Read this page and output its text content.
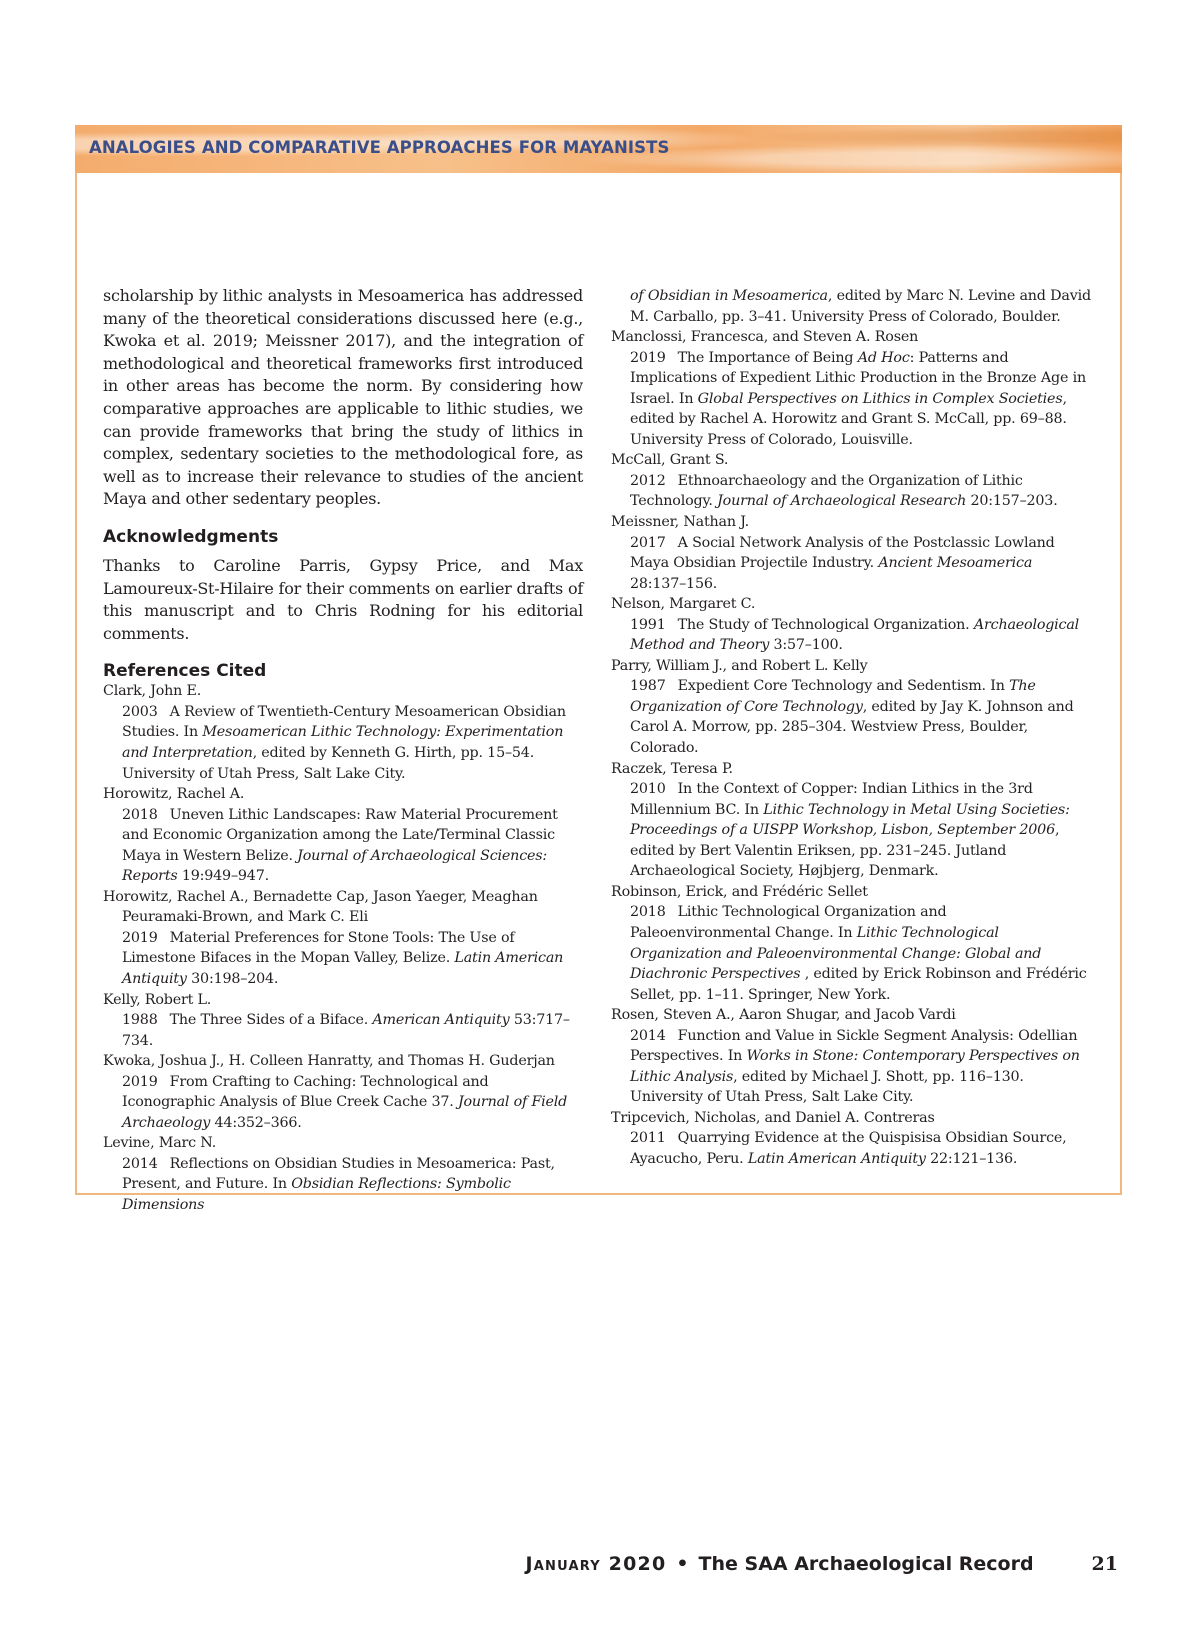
ANALOGIES AND COMPARATIVE APPROACHES FOR MAYANISTS

scholarship by lithic analysts in Mesoamerica has addressed many of the theoretical considerations discussed here (e.g., Kwoka et al. 2019; Meissner 2017), and the integration of methodological and theoretical frameworks first introduced in other areas has become the norm. By considering how comparative approaches are applicable to lithic studies, we can provide frameworks that bring the study of lithics in complex, sedentary societies to the methodological fore, as well as to increase their relevance to studies of the ancient Maya and other sedentary peoples.

Acknowledgments

Thanks to Caroline Parris, Gypsy Price, and Max Lamoureux-St-Hilaire for their comments on earlier drafts of this manuscript and to Chris Rodning for his editorial comments.

References Cited
Clark, John E.
2003 A Review of Twentieth-Century Mesoamerican Obsidian Studies. In Mesoamerican Lithic Technology: Experimentation and Interpretation, edited by Kenneth G. Hirth, pp. 15–54. University of Utah Press, Salt Lake City.
Horowitz, Rachel A.
2018 Uneven Lithic Landscapes: Raw Material Procurement and Economic Organization among the Late/Terminal Classic Maya in Western Belize. Journal of Archaeological Sciences: Reports 19:949–947.
Horowitz, Rachel A., Bernadette Cap, Jason Yaeger, Meaghan Peuramaki-Brown, and Mark C. Eli
2019 Material Preferences for Stone Tools: The Use of Limestone Bifaces in the Mopan Valley, Belize. Latin American Antiquity 30:198–204.
Kelly, Robert L.
1988 The Three Sides of a Biface. American Antiquity 53:717–734.
Kwoka, Joshua J., H. Colleen Hanratty, and Thomas H. Guderjan
2019 From Crafting to Caching: Technological and Iconographic Analysis of Blue Creek Cache 37. Journal of Field Archaeology 44:352–366.
Levine, Marc N.
2014 Reflections on Obsidian Studies in Mesoamerica: Past, Present, and Future. In Obsidian Reflections: Symbolic Dimensions
of Obsidian in Mesoamerica, edited by Marc N. Levine and David M. Carballo, pp. 3–41. University Press of Colorado, Boulder.
Manclossi, Francesca, and Steven A. Rosen
2019 The Importance of Being Ad Hoc: Patterns and Implications of Expedient Lithic Production in the Bronze Age in Israel. In Global Perspectives on Lithics in Complex Societies, edited by Rachel A. Horowitz and Grant S. McCall, pp. 69–88. University Press of Colorado, Louisville.
McCall, Grant S.
2012 Ethnoarchaeology and the Organization of Lithic Technology. Journal of Archaeological Research 20:157–203.
Meissner, Nathan J.
2017 A Social Network Analysis of the Postclassic Lowland Maya Obsidian Projectile Industry. Ancient Mesoamerica 28:137–156.
Nelson, Margaret C.
1991 The Study of Technological Organization. Archaeological Method and Theory 3:57–100.
Parry, William J., and Robert L. Kelly
1987 Expedient Core Technology and Sedentism. In The Organization of Core Technology, edited by Jay K. Johnson and Carol A. Morrow, pp. 285–304. Westview Press, Boulder, Colorado.
Raczek, Teresa P.
2010 In the Context of Copper: Indian Lithics in the 3rd Millennium BC. In Lithic Technology in Metal Using Societies: Proceedings of a UISPP Workshop, Lisbon, September 2006, edited by Bert Valentin Eriksen, pp. 231–245. Jutland Archaeological Society, Højbjerg, Denmark.
Robinson, Erick, and Frédéric Sellet
2018 Lithic Technological Organization and Paleoenvironmental Change. In Lithic Technological Organization and Paleoenvironmental Change: Global and Diachronic Perspectives , edited by Erick Robinson and Frédéric Sellet, pp. 1–11. Springer, New York.
Rosen, Steven A., Aaron Shugar, and Jacob Vardi
2014 Function and Value in Sickle Segment Analysis: Odellian Perspectives. In Works in Stone: Contemporary Perspectives on Lithic Analysis, edited by Michael J. Shott, pp. 116–130. University of Utah Press, Salt Lake City.
Tripcevich, Nicholas, and Daniel A. Contreras
2011 Quarrying Evidence at the Quispisisa Obsidian Source, Ayacucho, Peru. Latin American Antiquity 22:121–136.
January 2020 • The SAA Archaeological Record	21
